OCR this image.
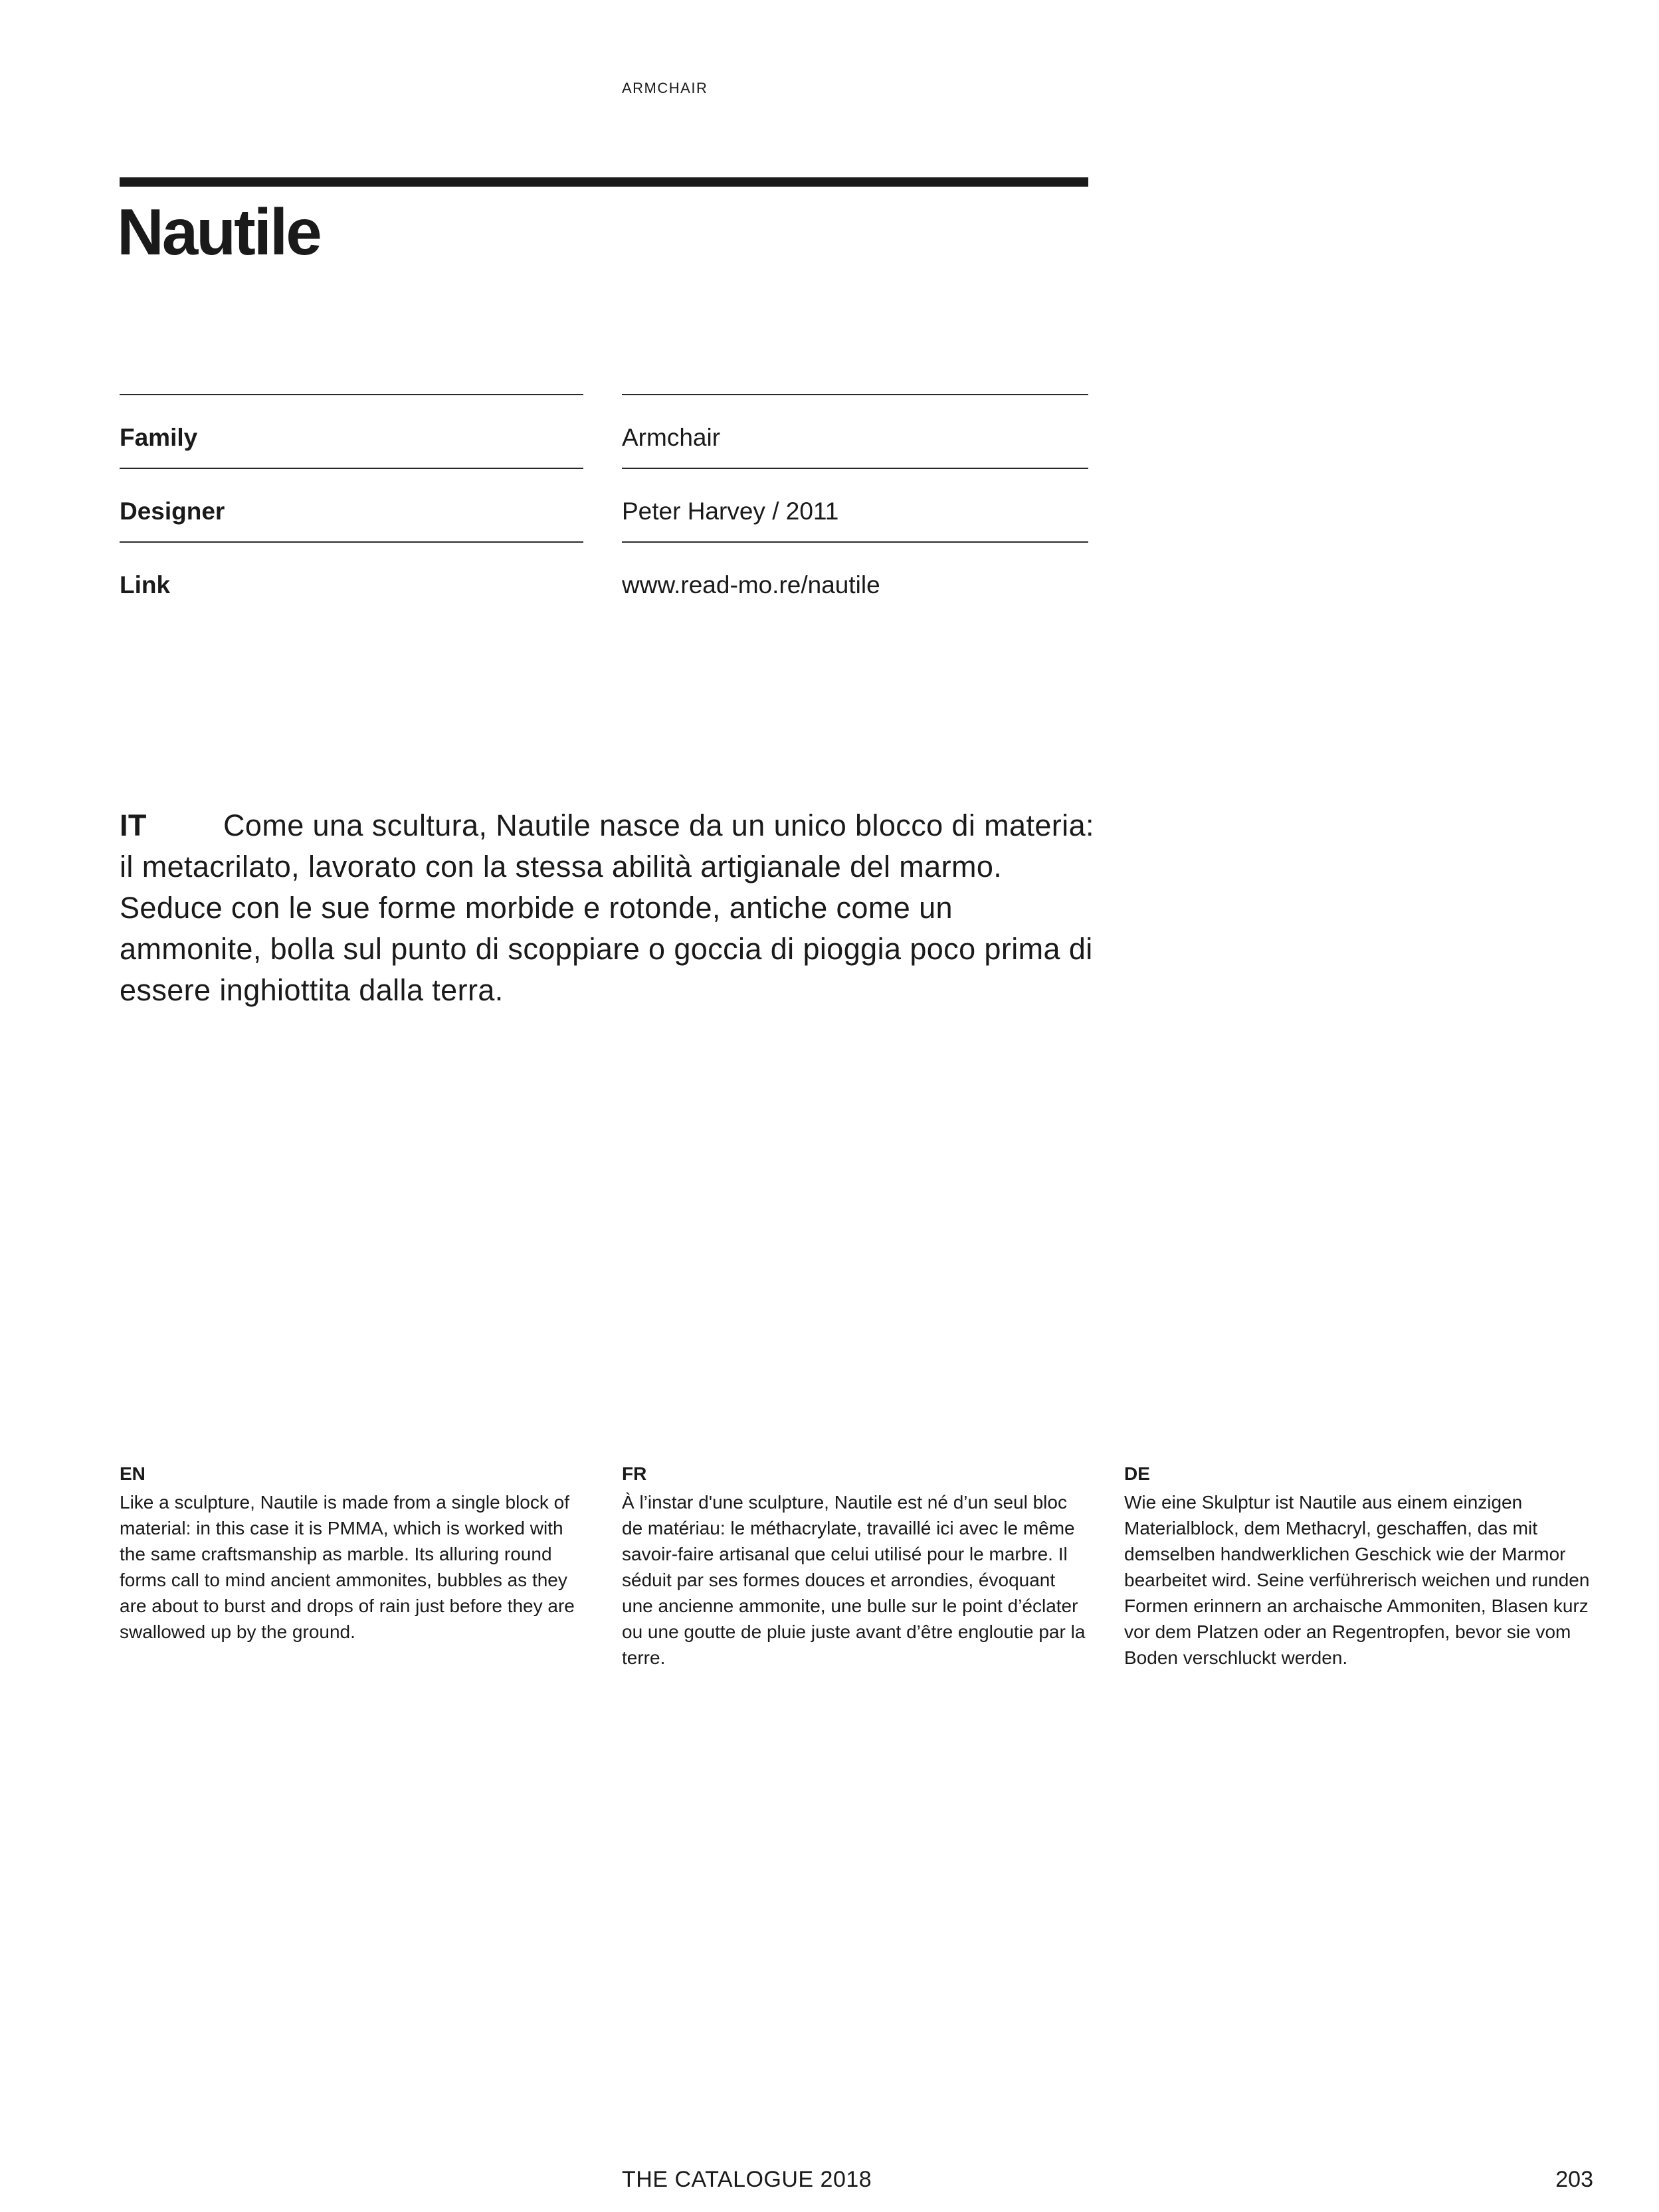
ARMCHAIR
Nautile
Family	Armchair
Designer	Peter Harvey / 2011
Link	www.read-mo.re/nautile

IT	Come una scultura, Nautile nasce da un unico blocco di materia: il metacrilato, lavorato con la stessa abilità artigianale del marmo. Seduce con le sue forme morbide e rotonde, antiche come un ammonite, bolla sul punto di scoppiare o goccia di pioggia poco prima di essere inghiottita dalla terra.

EN
Like a sculpture, Nautile is made from a single block of material: in this case it is PMMA, which is worked with the same craftsmanship as marble. Its alluring round forms call to mind ancient ammonites, bubbles as they are about to burst and drops of rain just before they are swallowed up by the ground.
FR
À l’instar d'une sculpture, Nautile est né d’un seul bloc de matériau: le méthacrylate, travaillé ici avec le même savoir-faire artisanal que celui utilisé pour le marbre. Il séduit par ses formes douces et arrondies, évoquant une ancienne ammonite, une bulle sur le point d’éclater ou une goutte de pluie juste avant d’être engloutie par la terre.
DE
Wie eine Skulptur ist Nautile aus einem einzigen Materialblock, dem Methacryl, geschaffen, das mit demselben handwerklichen Geschick wie der Marmor bearbeitet wird. Seine verführerisch weichen und runden Formen erinnern an archaische Ammoniten, Blasen kurz vor dem Platzen oder an Regentropfen, bevor sie vom Boden verschluckt werden.
THE CATALOGUE 2018	203
